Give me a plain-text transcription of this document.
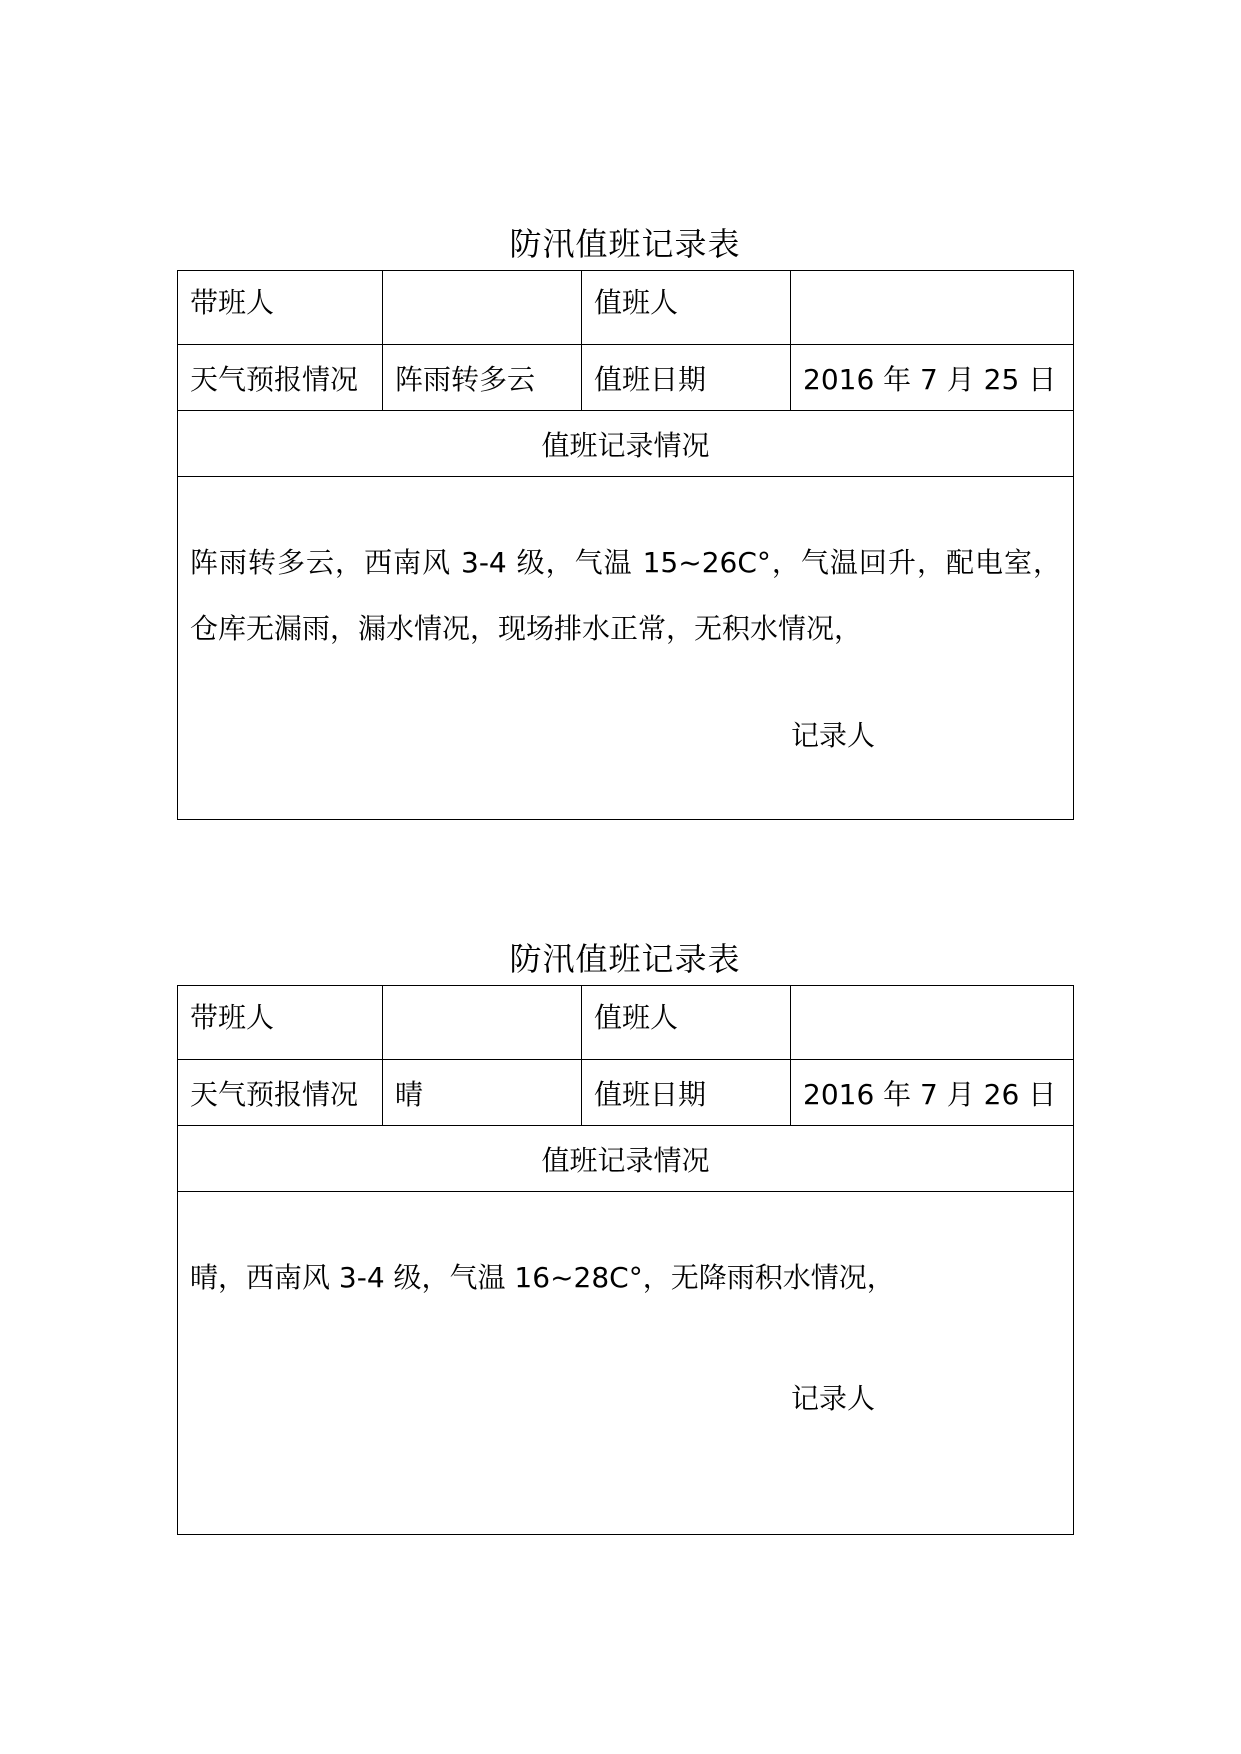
防汛值班记录表
带班人		值班人	
天气预报情况	阵雨转多云	值班日期	2016 年 7 月 25 日
值班记录情况			

阵雨转多云，西南风 3-4 级，气温 15~26C°，气温回升，配电室，仓库无漏雨，漏水情况，现场排水正常，无积水情况，

记录人			
防汛值班记录表
带班人		值班人	
天气预报情况	晴	值班日期	2016 年 7 月 26 日
值班记录情况			

晴，西南风 3-4 级，气温 16~28C°，无降雨积水情况，

记录人			
